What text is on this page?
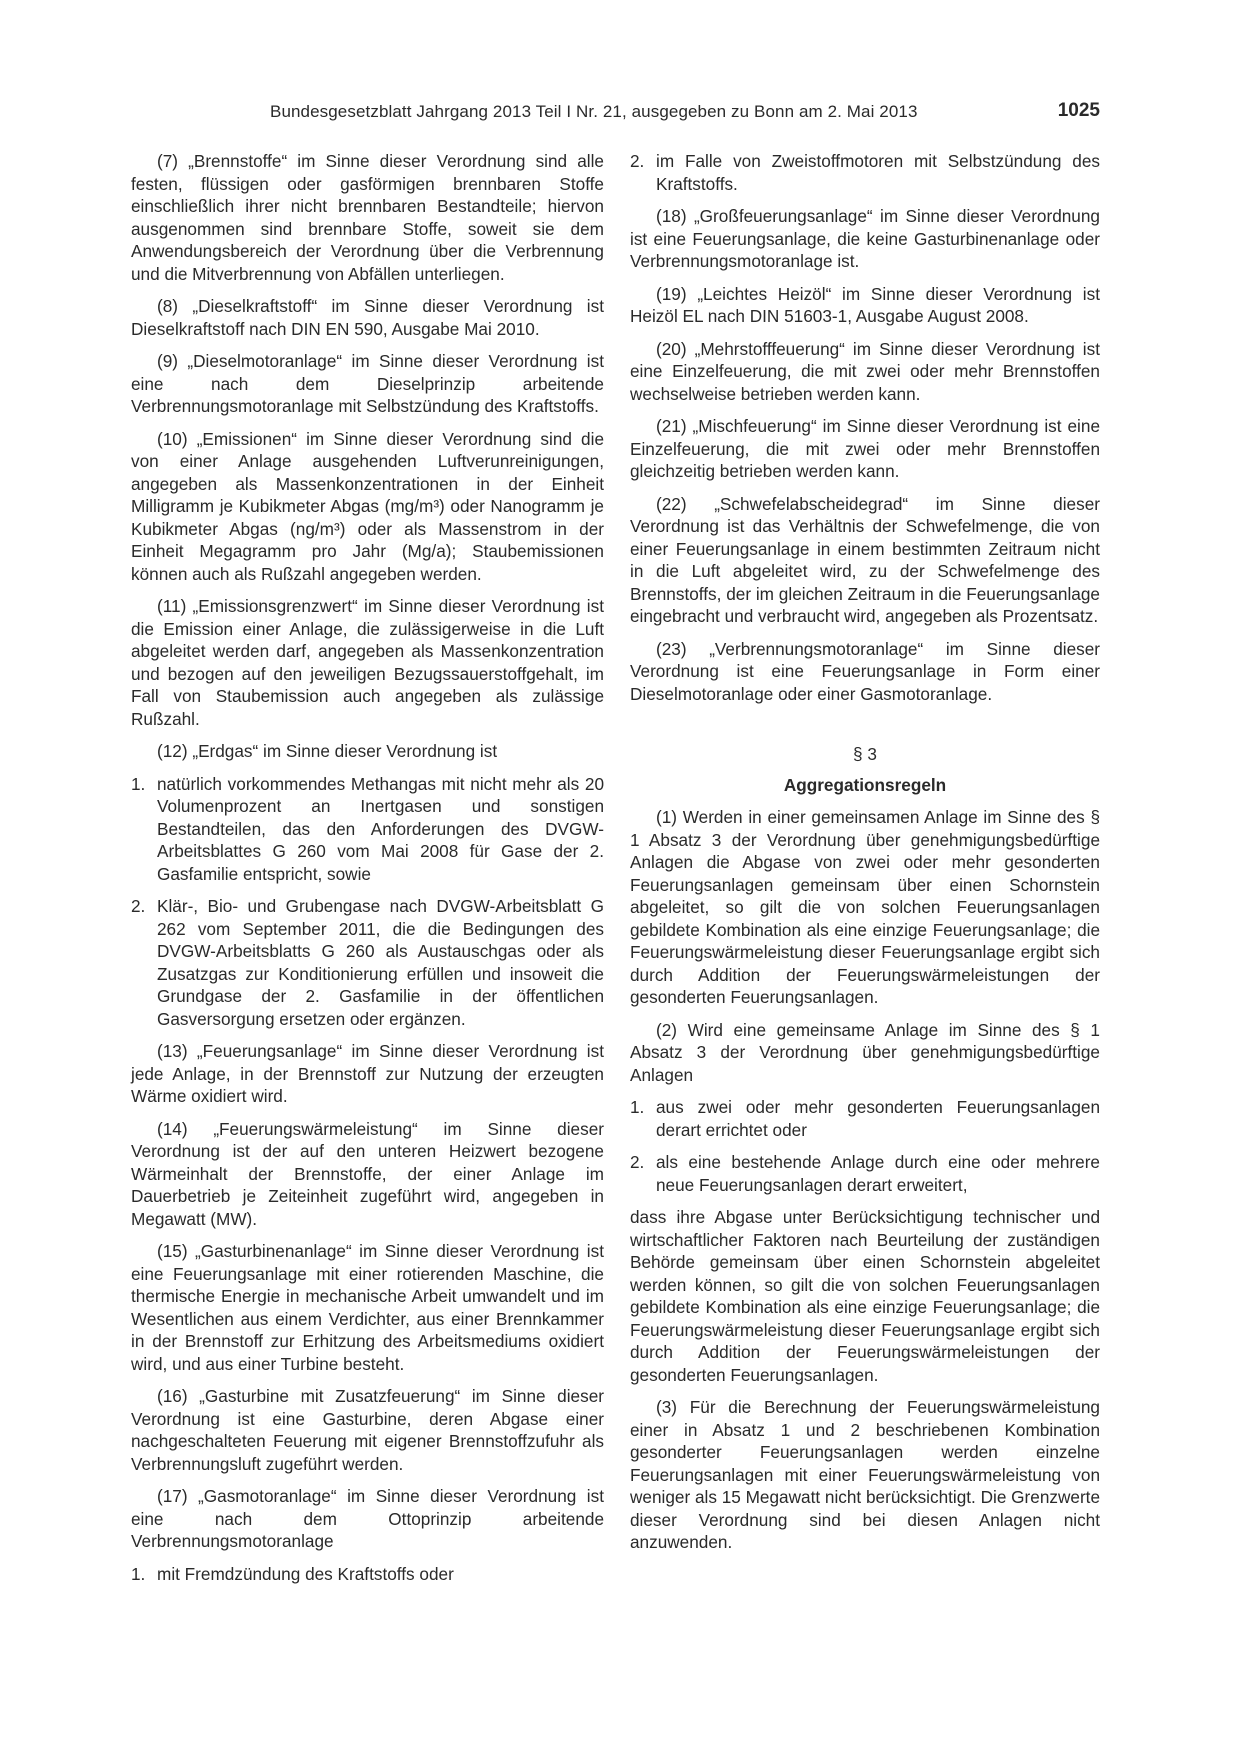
Bundesgesetzblatt Jahrgang 2013 Teil I Nr. 21, ausgegeben zu Bonn am 2. Mai 2013	1025

(7) „Brennstoffe“ im Sinne dieser Verordnung sind alle festen, flüssigen oder gasförmigen brennbaren Stoffe einschließlich ihrer nicht brennbaren Bestandteile; hiervon ausgenommen sind brennbare Stoffe, soweit sie dem Anwendungsbereich der Verordnung über die Verbrennung und die Mitverbrennung von Abfällen unterliegen.

(8) „Dieselkraftstoff“ im Sinne dieser Verordnung ist Dieselkraftstoff nach DIN EN 590, Ausgabe Mai 2010.

(9) „Dieselmotoranlage“ im Sinne dieser Verordnung ist eine nach dem Dieselprinzip arbeitende Verbrennungsmotoranlage mit Selbstzündung des Kraftstoffs.

(10) „Emissionen“ im Sinne dieser Verordnung sind die von einer Anlage ausgehenden Luftverunreinigungen, angegeben als Massenkonzentrationen in der Einheit Milligramm je Kubikmeter Abgas (mg/m³) oder Nanogramm je Kubikmeter Abgas (ng/m³) oder als Massenstrom in der Einheit Megagramm pro Jahr (Mg/a); Staubemissionen können auch als Rußzahl angegeben werden.

(11) „Emissionsgrenzwert“ im Sinne dieser Verordnung ist die Emission einer Anlage, die zulässigerweise in die Luft abgeleitet werden darf, angegeben als Massenkonzentration und bezogen auf den jeweiligen Bezugssauerstoffgehalt, im Fall von Staubemission auch angegeben als zulässige Rußzahl.

(12) „Erdgas“ im Sinne dieser Verordnung ist

1. natürlich vorkommendes Methangas mit nicht mehr als 20 Volumenprozent an Inertgasen und sonstigen Bestandteilen, das den Anforderungen des DVGW-Arbeitsblattes G 260 vom Mai 2008 für Gase der 2. Gasfamilie entspricht, sowie
2. Klär-, Bio- und Grubengase nach DVGW-Arbeitsblatt G 262 vom September 2011, die die Bedingungen des DVGW-Arbeitsblatts G 260 als Austauschgas oder als Zusatzgas zur Konditionierung erfüllen und insoweit die Grundgase der 2. Gasfamilie in der öffentlichen Gasversorgung ersetzen oder ergänzen.

(13) „Feuerungsanlage“ im Sinne dieser Verordnung ist jede Anlage, in der Brennstoff zur Nutzung der erzeugten Wärme oxidiert wird.

(14) „Feuerungswärmeleistung“ im Sinne dieser Verordnung ist der auf den unteren Heizwert bezogene Wärmeinhalt der Brennstoffe, der einer Anlage im Dauerbetrieb je Zeiteinheit zugeführt wird, angegeben in Megawatt (MW).

(15) „Gasturbinenanlage“ im Sinne dieser Verordnung ist eine Feuerungsanlage mit einer rotierenden Maschine, die thermische Energie in mechanische Arbeit umwandelt und im Wesentlichen aus einem Verdichter, aus einer Brennkammer in der Brennstoff zur Erhitzung des Arbeitsmediums oxidiert wird, und aus einer Turbine besteht.

(16) „Gasturbine mit Zusatzfeuerung“ im Sinne dieser Verordnung ist eine Gasturbine, deren Abgase einer nachgeschalteten Feuerung mit eigener Brennstoffzufuhr als Verbrennungsluft zugeführt werden.

(17) „Gasmotoranlage“ im Sinne dieser Verordnung ist eine nach dem Ottoprinzip arbeitende Verbrennungsmotoranlage

1. mit Fremdzündung des Kraftstoffs oder
2. im Falle von Zweistoffmotoren mit Selbstzündung des Kraftstoffs.

(18) „Großfeuerungsanlage“ im Sinne dieser Verordnung ist eine Feuerungsanlage, die keine Gasturbinenanlage oder Verbrennungsmotoranlage ist.

(19) „Leichtes Heizöl“ im Sinne dieser Verordnung ist Heizöl EL nach DIN 51603-1, Ausgabe August 2008.

(20) „Mehrstofffeuerung“ im Sinne dieser Verordnung ist eine Einzelfeuerung, die mit zwei oder mehr Brennstoffen wechselweise betrieben werden kann.

(21) „Mischfeuerung“ im Sinne dieser Verordnung ist eine Einzelfeuerung, die mit zwei oder mehr Brennstoffen gleichzeitig betrieben werden kann.

(22) „Schwefelabscheidegrad“ im Sinne dieser Verordnung ist das Verhältnis der Schwefelmenge, die von einer Feuerungsanlage in einem bestimmten Zeitraum nicht in die Luft abgeleitet wird, zu der Schwefelmenge des Brennstoffs, der im gleichen Zeitraum in die Feuerungsanlage eingebracht und verbraucht wird, angegeben als Prozentsatz.

(23) „Verbrennungsmotoranlage“ im Sinne dieser Verordnung ist eine Feuerungsanlage in Form einer Dieselmotoranlage oder einer Gasmotoranlage.

§ 3
Aggregationsregeln

(1) Werden in einer gemeinsamen Anlage im Sinne des § 1 Absatz 3 der Verordnung über genehmigungsbedürftige Anlagen die Abgase von zwei oder mehr gesonderten Feuerungsanlagen gemeinsam über einen Schornstein abgeleitet, so gilt die von solchen Feuerungsanlagen gebildete Kombination als eine einzige Feuerungsanlage; die Feuerungswärmeleistung dieser Feuerungsanlage ergibt sich durch Addition der Feuerungswärmeleistungen der gesonderten Feuerungsanlagen.

(2) Wird eine gemeinsame Anlage im Sinne des § 1 Absatz 3 der Verordnung über genehmigungsbedürftige Anlagen

1. aus zwei oder mehr gesonderten Feuerungsanlagen derart errichtet oder
2. als eine bestehende Anlage durch eine oder mehrere neue Feuerungsanlagen derart erweitert,

dass ihre Abgase unter Berücksichtigung technischer und wirtschaftlicher Faktoren nach Beurteilung der zuständigen Behörde gemeinsam über einen Schornstein abgeleitet werden können, so gilt die von solchen Feuerungsanlagen gebildete Kombination als eine einzige Feuerungsanlage; die Feuerungswärmeleistung dieser Feuerungsanlage ergibt sich durch Addition der Feuerungswärmeleistungen der gesonderten Feuerungsanlagen.

(3) Für die Berechnung der Feuerungswärmeleistung einer in Absatz 1 und 2 beschriebenen Kombination gesonderter Feuerungsanlagen werden einzelne Feuerungsanlagen mit einer Feuerungswärmeleistung von weniger als 15 Megawatt nicht berücksichtigt. Die Grenzwerte dieser Verordnung sind bei diesen Anlagen nicht anzuwenden.
